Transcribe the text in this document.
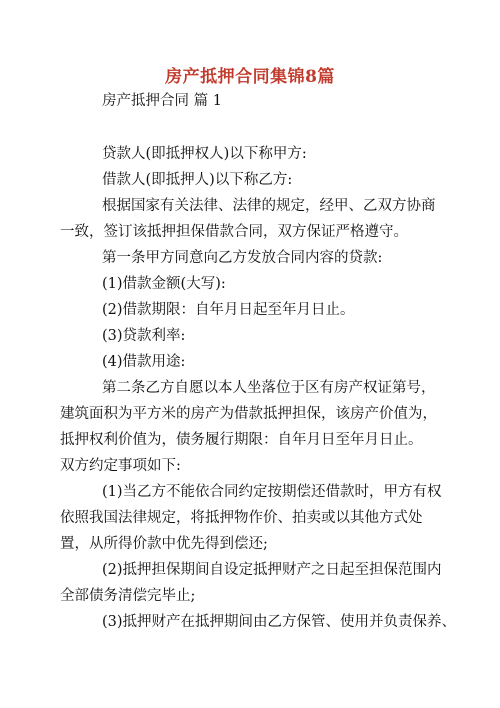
房产抵押合同集锦8篇
房产抵押合同 篇 1
贷款人(即抵押权人)以下称甲方:
借款人(即抵押人)以下称乙方:
根据国家有关法律、法律的规定，经甲、乙双方协商
一致，签订该抵押担保借款合同，双方保证严格遵守。
第一条甲方同意向乙方发放合同内容的贷款:
(1)借款金额(大写):
(2)借款期限：自年月日起至年月日止。
(3)贷款利率:
(4)借款用途:
第二条乙方自愿以本人坐落位于区有房产权证第号，
建筑面积为平方米的房产为借款抵押担保，该房产价值为，
抵押权利价值为，债务履行期限：自年月日至年月日止。
双方约定事项如下:
(1)当乙方不能依合同约定按期偿还借款时，甲方有权
依照我国法律规定，将抵押物作价、拍卖或以其他方式处
置，从所得价款中优先得到偿还;
(2)抵押担保期间自设定抵押财产之日起至担保范围内
全部债务清偿完毕止;
(3)抵押财产在抵押期间由乙方保管、使用并负责保养、
